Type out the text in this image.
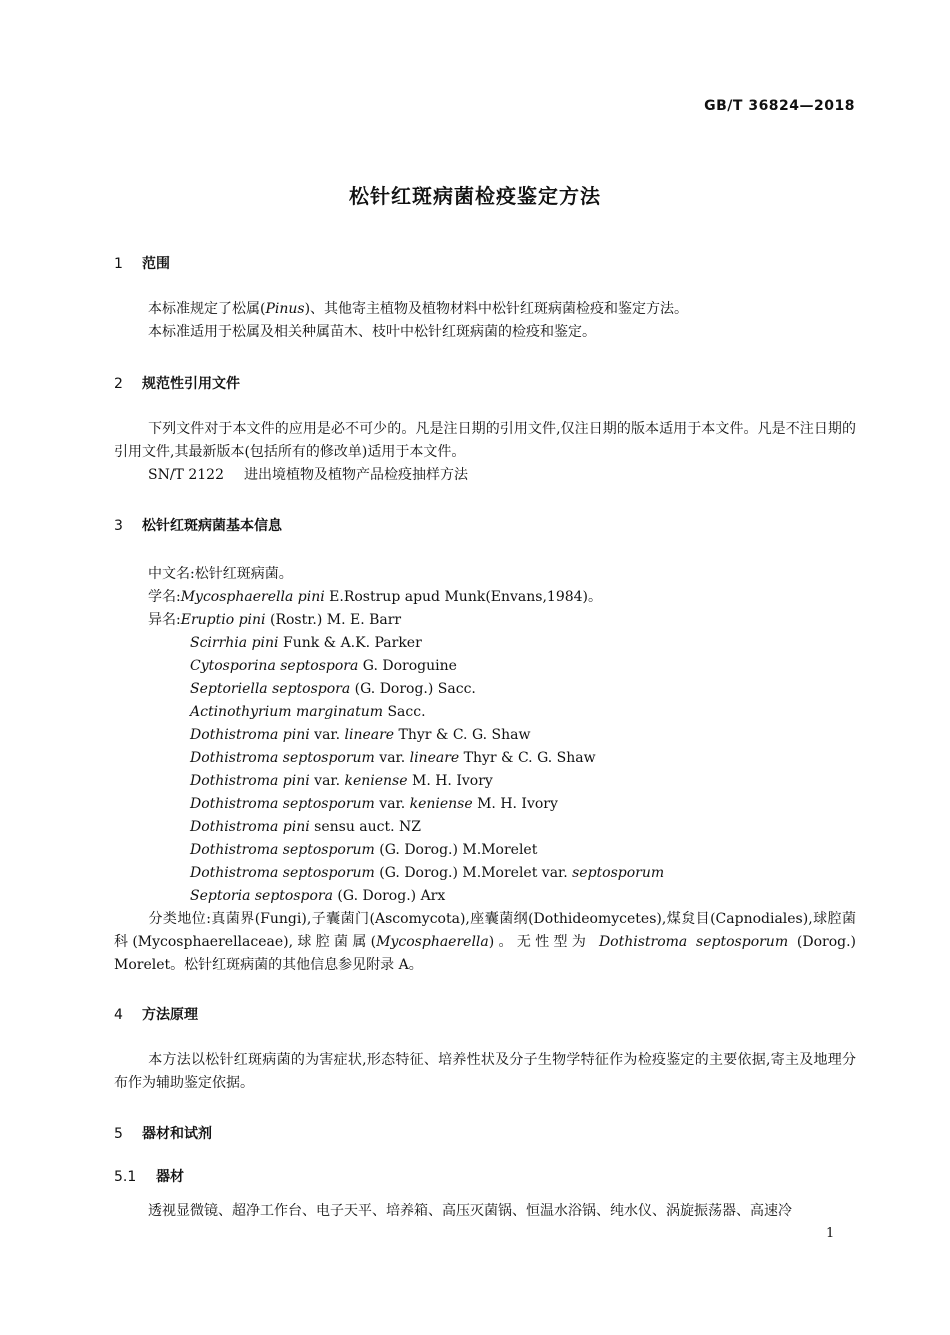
GB/T 36824—2018
松针红斑病菌检疫鉴定方法
1 范围
本标准规定了松属(Pinus)、其他寄主植物及植物材料中松针红斑病菌检疫和鉴定方法。
本标准适用于松属及相关种属苗木、枝叶中松针红斑病菌的检疫和鉴定。
2 规范性引用文件
下列文件对于本文件的应用是必不可少的。凡是注日期的引用文件,仅注日期的版本适用于本文件。凡是不注日期的引用文件,其最新版本(包括所有的修改单)适用于本文件。
SN/T 2122 进出境植物及植物产品检疫抽样方法
3 松针红斑病菌基本信息
中文名:松针红斑病菌。
学名:Mycosphaerella pini E.Rostrup apud Munk(Envans,1984)。
异名:Eruptio pini (Rostr.) M. E. Barr
Scirrhia pini Funk & A.K. Parker
Cytosporina septospora G. Doroguine
Septoriella septospora (G. Dorog.) Sacc.
Actinothyrium marginatum Sacc.
Dothistroma pini var. lineare Thyr & C. G. Shaw
Dothistroma septosporum var. lineare Thyr & C. G. Shaw
Dothistroma pini var. keniense M. H. Ivory
Dothistroma septosporum var. keniense M. H. Ivory
Dothistroma pini sensu auct. NZ
Dothistroma septosporum (G. Dorog.) M.Morelet
Dothistroma septosporum (G. Dorog.) M.Morelet var. septosporum
Septoria septospora (G. Dorog.) Arx
分类地位:真菌界(Fungi),子囊菌门(Ascomycota),座囊菌纲(Dothideomycetes),煤炱目(Capnodiales),球腔菌科(Mycosphaerellaceae),球腔菌属(Mycosphaerella)。无性型为 Dothistroma septosporum (Dorog.) Morelet。松针红斑病菌的其他信息参见附录 A。
4 方法原理
本方法以松针红斑病菌的为害症状,形态特征、培养性状及分子生物学特征作为检疫鉴定的主要依据,寄主及地理分布作为辅助鉴定依据。
5 器材和试剂
5.1 器材
透视显微镜、超净工作台、电子天平、培养箱、高压灭菌锅、恒温水浴锅、纯水仪、涡旋振荡器、高速冷
1
